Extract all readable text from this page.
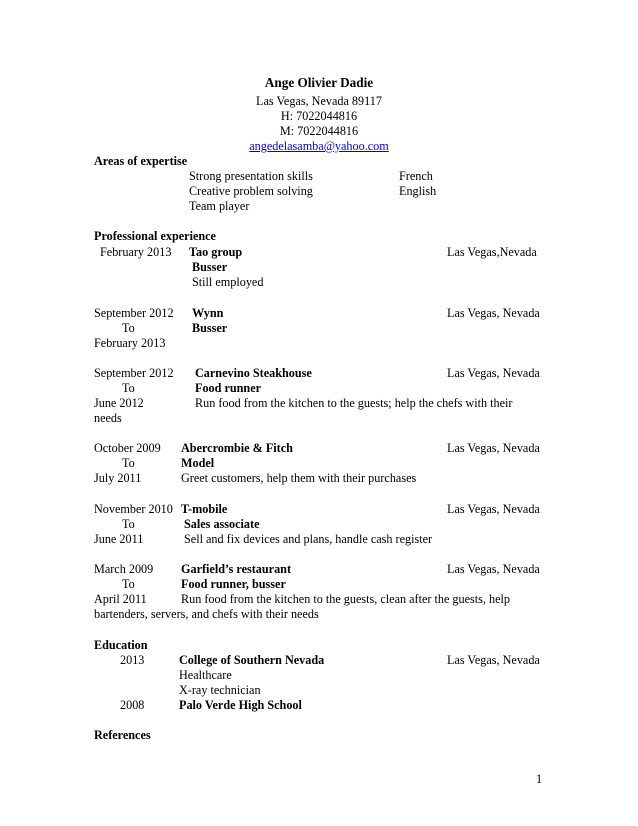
Ange Olivier Dadie
Las Vegas, Nevada 89117
H: 7022044816
M: 7022044816
angedelasamba@yahoo.com
Areas of expertise
Strong presentation skills
Creative problem solving
Team player
French
English
Professional experience
February 2013 Tao group	Las Vegas,Nevada
Busser
Still employed
September 2012
To
February 2013
Wynn	Las Vegas, Nevada
Busser
September 2012
To
June 2012
Carnevino Steakhouse	Las Vegas, Nevada
Food runner
Run food from the kitchen to the guests; help the chefs with their
needs
October 2009
To
July 2011
Abercrombie & Fitch	Las Vegas, Nevada
Model
Greet customers, help them with their purchases
November 2010
To
June 2011
T-mobile	Las Vegas, Nevada
Sales associate
Sell and fix devices and plans, handle cash register
March 2009
To
April 2011
Garfield’s restaurant	Las Vegas, Nevada
Food runner, busser
Run food from the kitchen to the guests, clean after the guests, help
bartenders, servers, and chefs with their needs
Education
2013	College of Southern Nevada	Las Vegas, Nevada
Healthcare
X-ray technician
2008	Palo Verde High School
References
1
